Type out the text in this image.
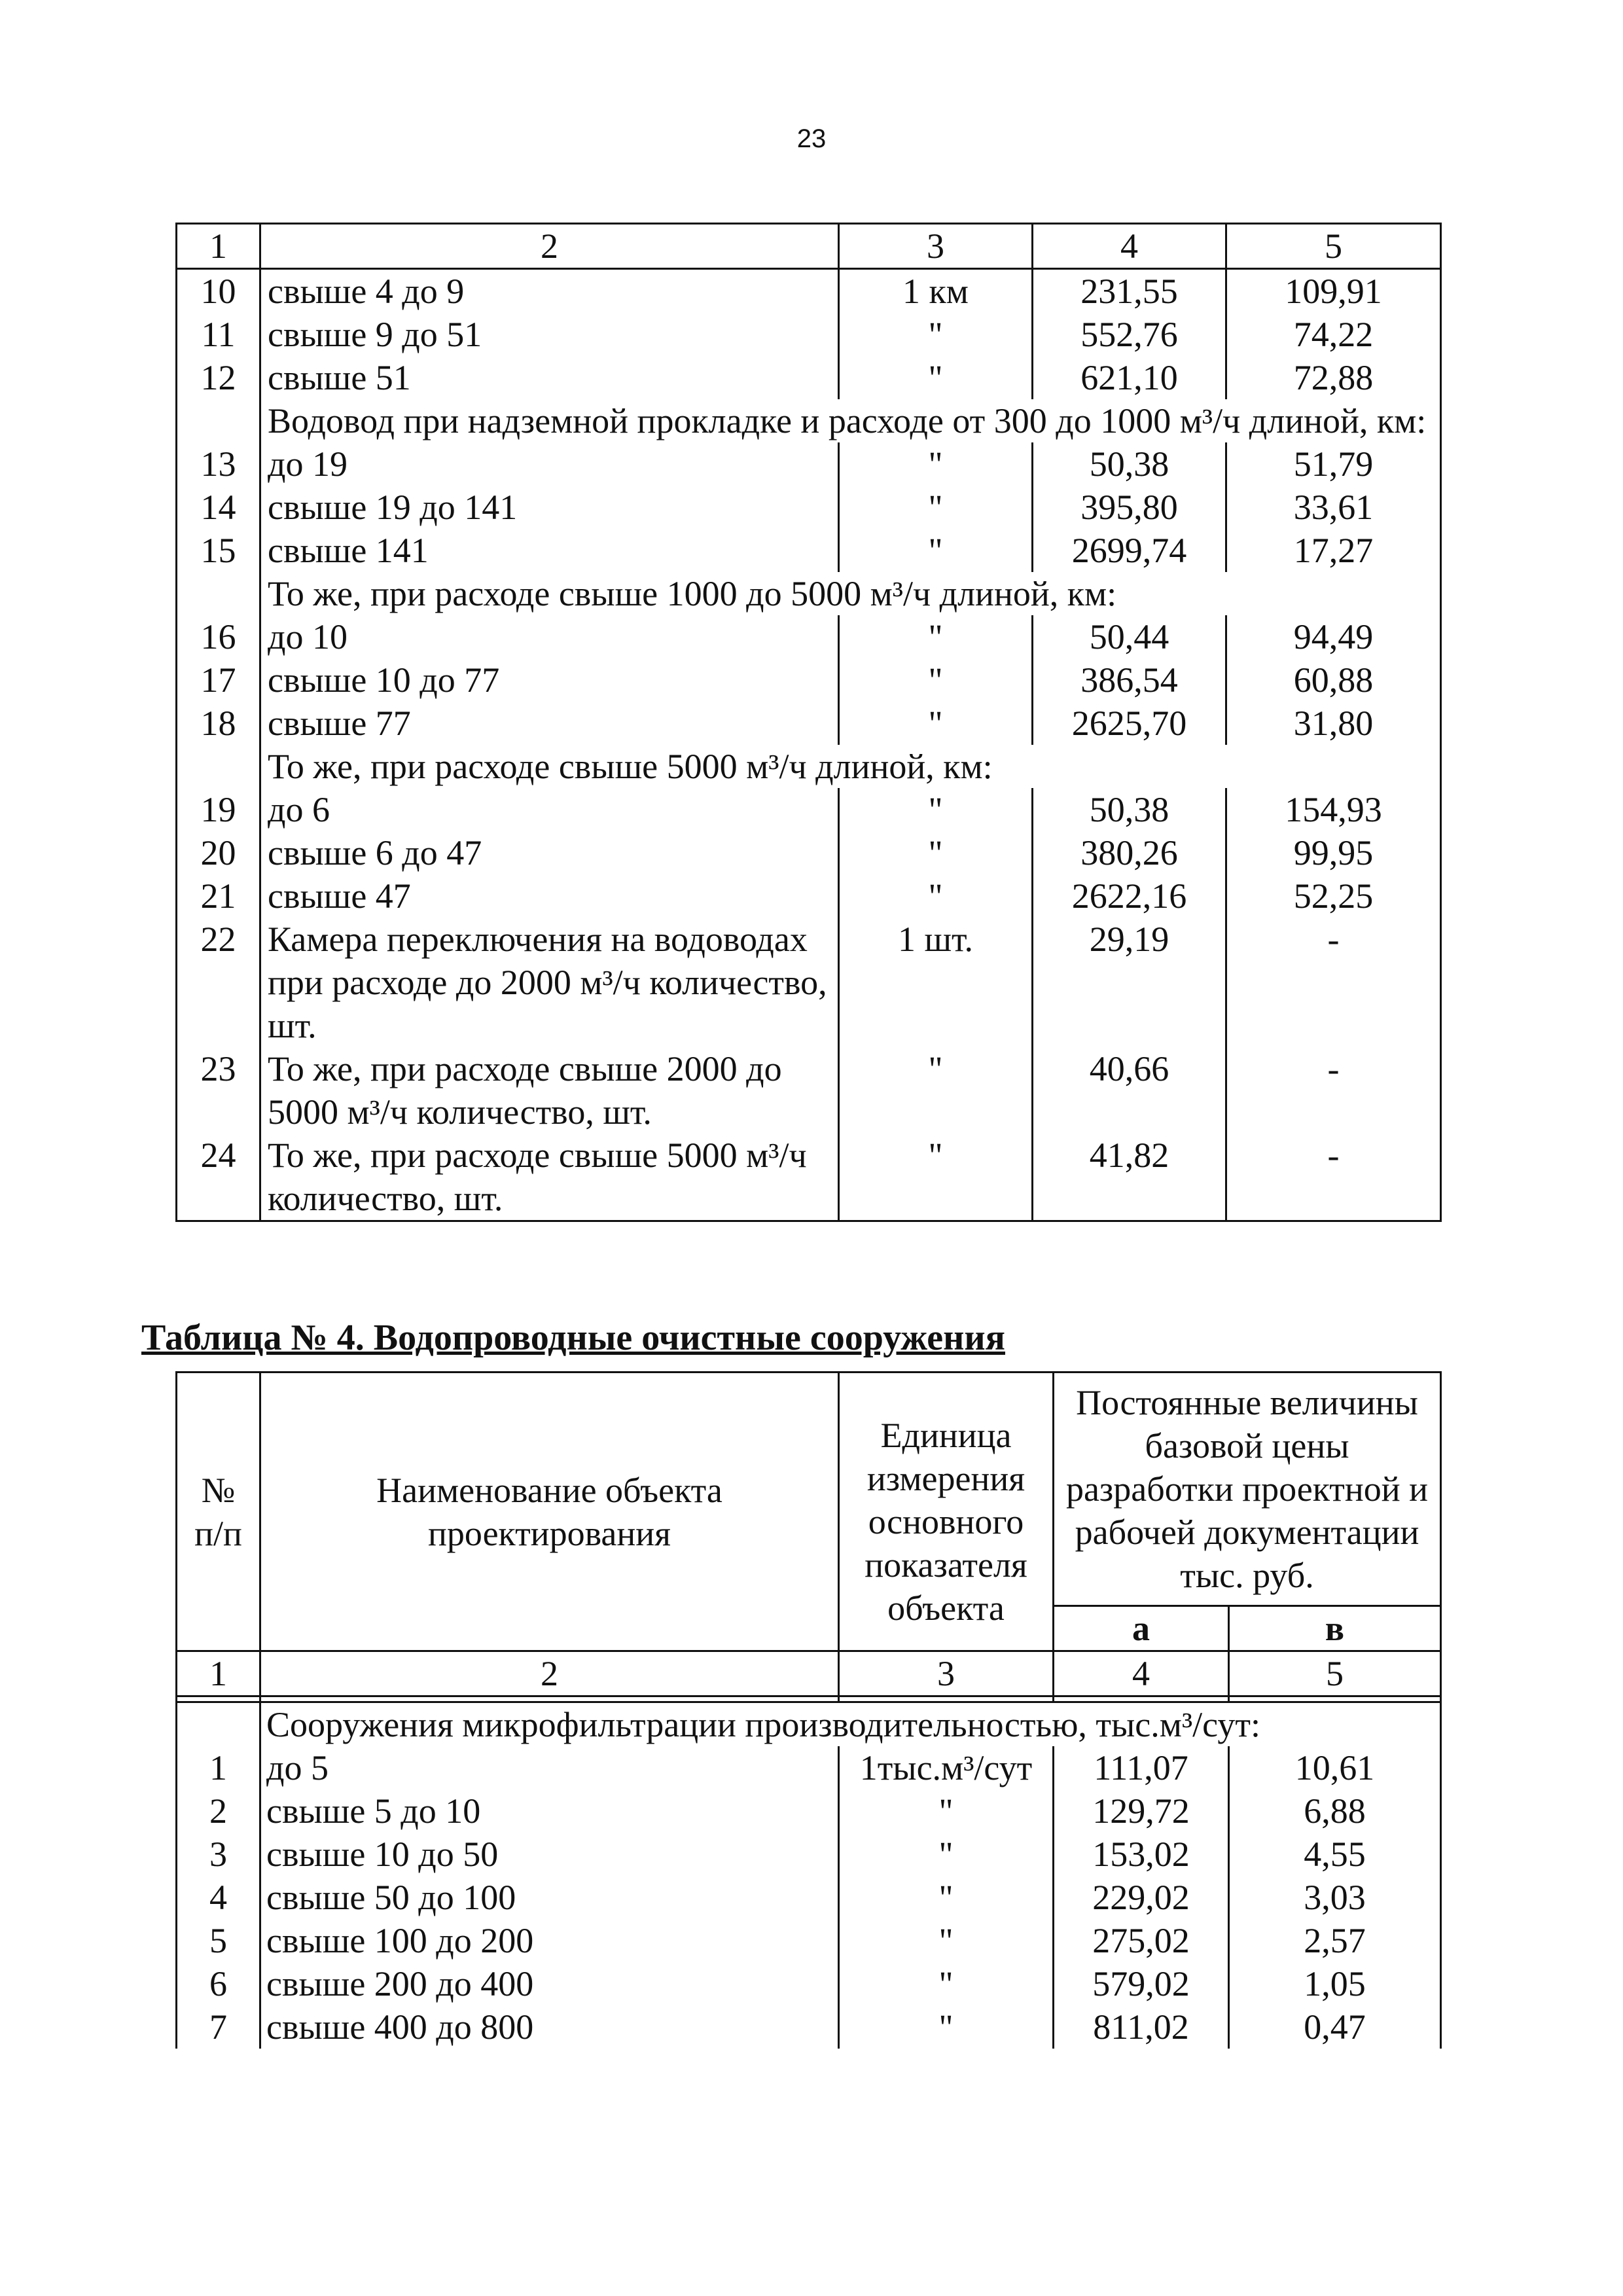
23
1	2	3	4	5
10	свыше 4 до 9	1 км	231,55	109,91
11	свыше 9 до 51	"	552,76	74,22
12	свыше 51	"	621,10	72,88
	Водовод при надземной прокладке и расходе от 300 до 1000 м³/ч длиной, км:			
13	до 19	"	50,38	51,79
14	свыше 19 до 141	"	395,80	33,61
15	свыше 141	"	2699,74	17,27
	То же, при расходе свыше 1000 до 5000 м³/ч длиной, км:			
16	до 10	"	50,44	94,49
17	свыше 10 до 77	"	386,54	60,88
18	свыше 77	"	2625,70	31,80
	То же, при расходе свыше 5000 м³/ч длиной, км:			
19	до 6	"	50,38	154,93
20	свыше 6 до 47	"	380,26	99,95
21	свыше 47	"	2622,16	52,25
22	Камера переключения на водоводах при расходе до 2000 м³/ч количество, шт.	1 шт.	29,19	-
23	То же, при расходе свыше 2000 до 5000 м³/ч количество, шт.	"	40,66	-
24	То же, при расходе свыше 5000 м³/ч количество, шт.	"	41,82	-
Таблица № 4. Водопроводные очистные сооружения
№ п/п	Наименование объекта проектирования	Единица измерения основного показателя объекта	Постоянные величины базовой цены разработки проектной и рабочей документации тыс. руб.	
			а	в
1	2	3	4	5

	Сооружения микрофильтрации производительностью, тыс.м³/сут:			
1	до 5	1тыс.м³/сут	111,07	10,61
2	свыше 5 до 10	"	129,72	6,88
3	свыше 10 до 50	"	153,02	4,55
4	свыше 50 до 100	"	229,02	3,03
5	свыше 100 до 200	"	275,02	2,57
6	свыше 200 до 400	"	579,02	1,05
7	свыше 400 до 800	"	811,02	0,47
